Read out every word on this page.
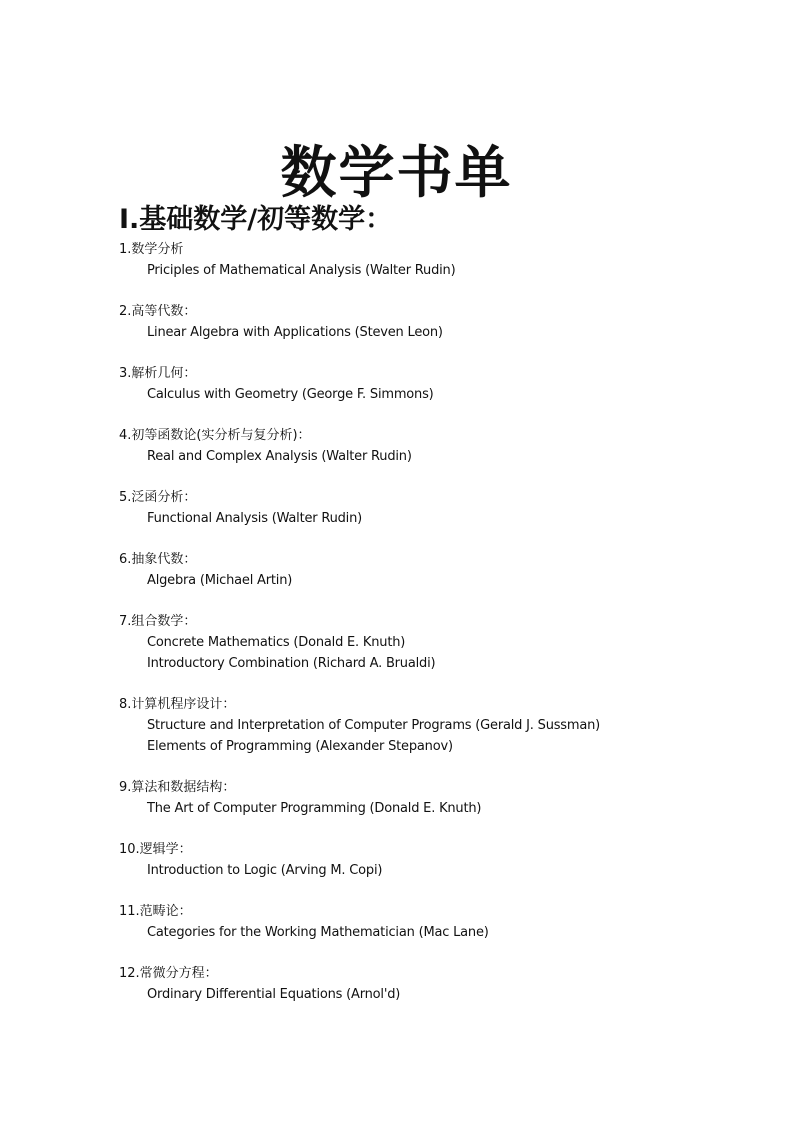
数学书单
I.基础数学/初等数学：
1.数学分析
Priciples of Mathematical Analysis (Walter Rudin)
2.高等代数：
Linear Algebra with Applications (Steven Leon)
3.解析几何：
Calculus with Geometry (George F. Simmons)
4.初等函数论(实分析与复分析)：
Real and Complex Analysis (Walter Rudin)
5.泛函分析：
Functional Analysis (Walter Rudin)
6.抽象代数：
Algebra (Michael Artin)
7.组合数学：
Concrete Mathematics (Donald E. Knuth)
Introductory Combination (Richard A. Brualdi)
8.计算机程序设计：
Structure and Interpretation of Computer Programs (Gerald J. Sussman)
Elements of Programming (Alexander Stepanov)
9.算法和数据结构：
The Art of Computer Programming (Donald E. Knuth)
10.逻辑学：
Introduction to Logic (Arving M. Copi)
11.范畴论：
Categories for the Working Mathematician (Mac Lane)
12.常微分方程：
Ordinary Differential Equations (Arnol'd)
